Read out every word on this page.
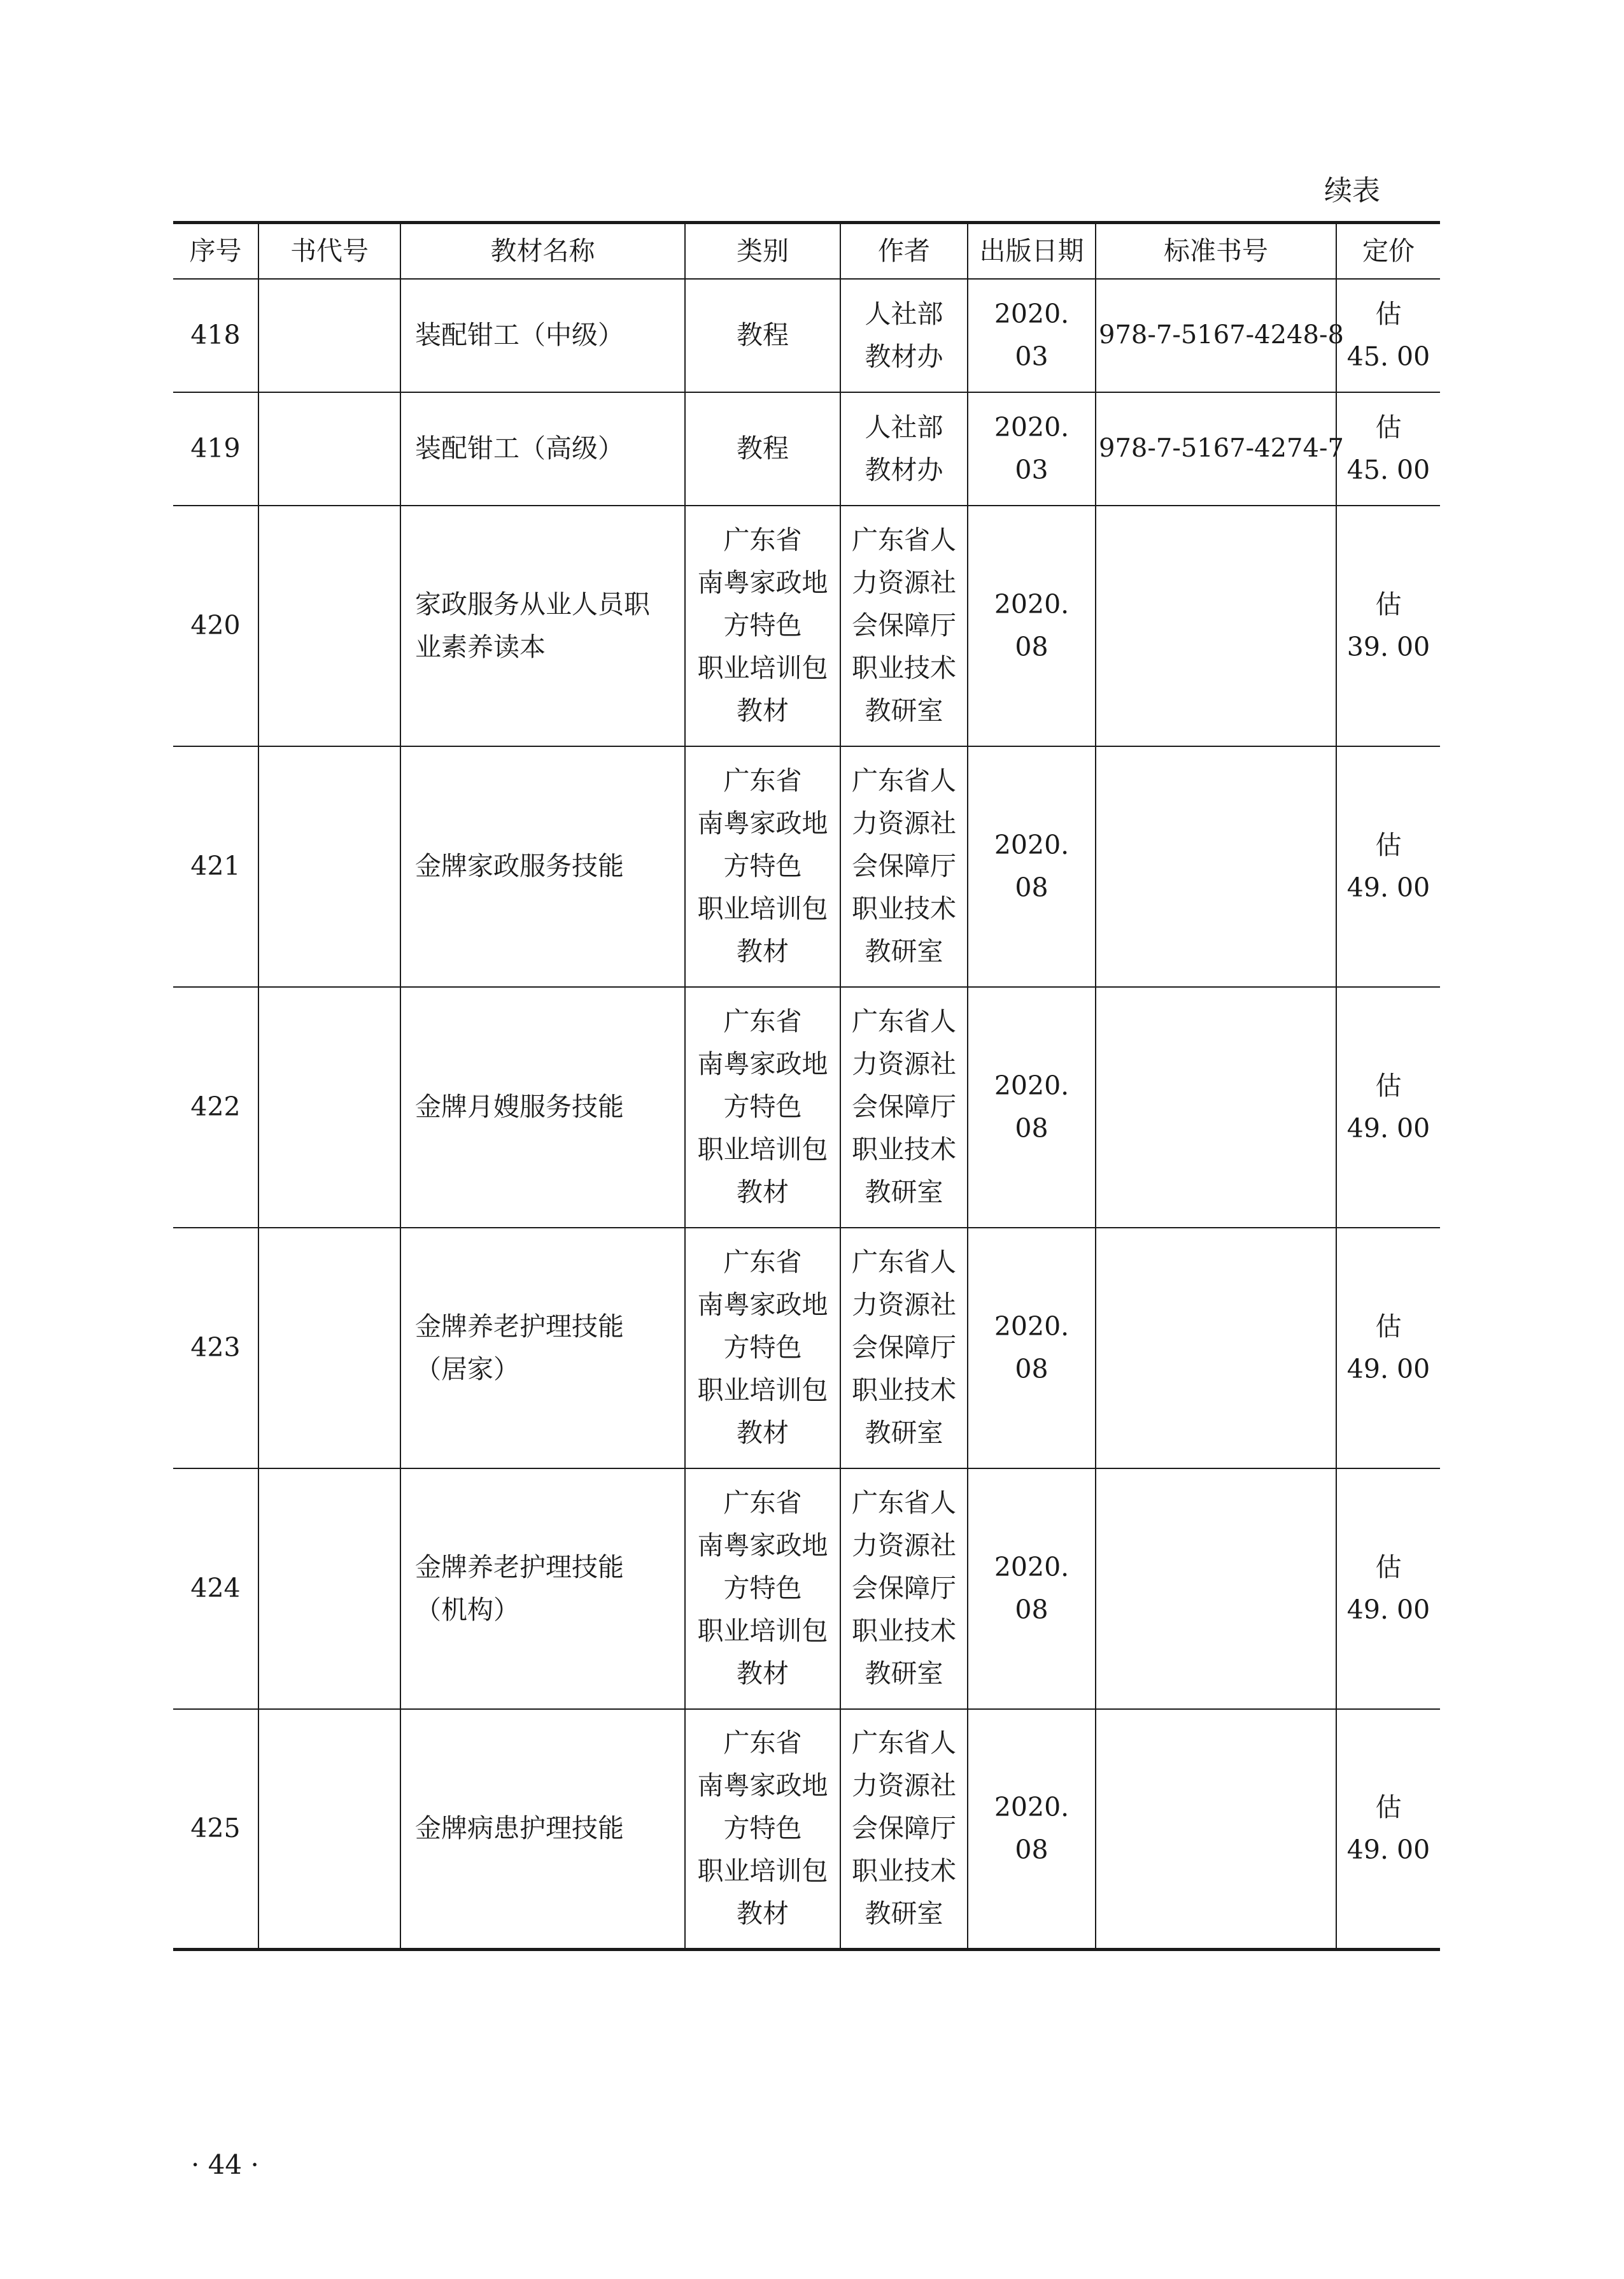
续表
序号	书代号	教材名称	类别	作者	出版日期	标准书号	定价
418		装配钳工（中级）	教程	人社部
教材办	2020. 03	978-7-5167-4248-8	估
45. 00
419		装配钳工（高级）	教程	人社部
教材办	2020. 03	978-7-5167-4274-7	估
45. 00
420		家政服务从业人员职业素养读本	广东省
南粤家政地
方特色
职业培训包
教材	广东省人
力资源社
会保障厅
职业技术
教研室	2020. 08		估
39. 00
421		金牌家政服务技能	广东省
南粤家政地
方特色
职业培训包
教材	广东省人
力资源社
会保障厅
职业技术
教研室	2020. 08		估
49. 00
422		金牌月嫂服务技能	广东省
南粤家政地
方特色
职业培训包
教材	广东省人
力资源社
会保障厅
职业技术
教研室	2020. 08		估
49. 00
423		金牌养老护理技能（居家）	广东省
南粤家政地
方特色
职业培训包
教材	广东省人
力资源社
会保障厅
职业技术
教研室	2020. 08		估
49. 00
424		金牌养老护理技能（机构）	广东省
南粤家政地
方特色
职业培训包
教材	广东省人
力资源社
会保障厅
职业技术
教研室	2020. 08		估
49. 00
425		金牌病患护理技能	广东省
南粤家政地
方特色
职业培训包
教材	广东省人
力资源社
会保障厅
职业技术
教研室	2020. 08		估
49. 00
· 44 ·
